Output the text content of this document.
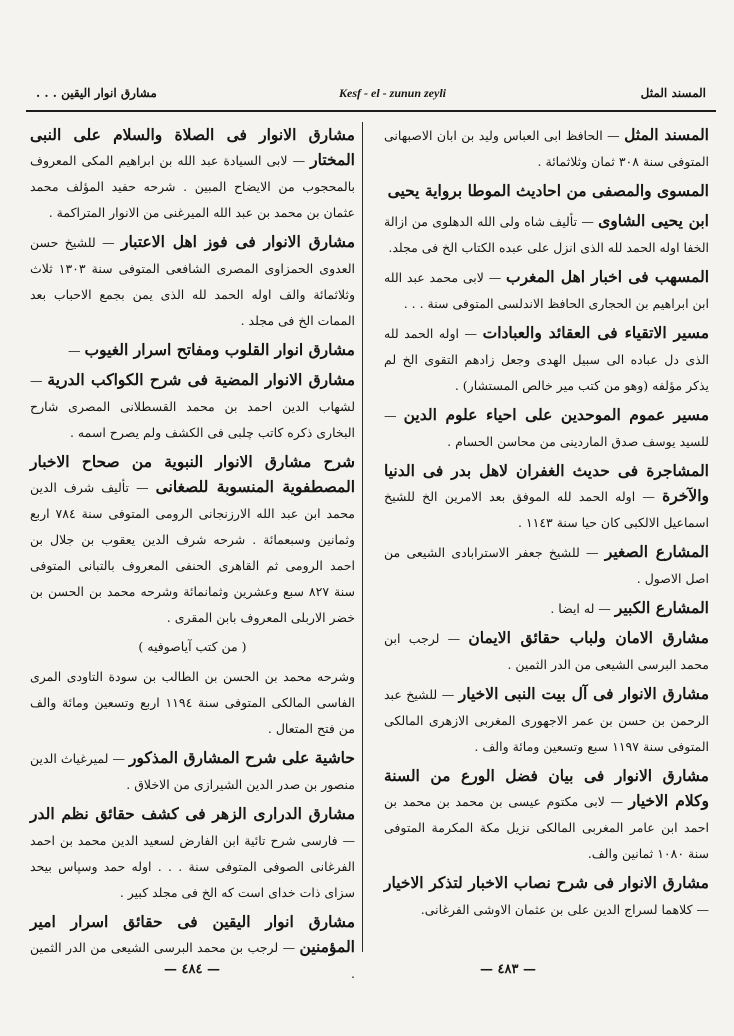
مشارق انوار اليقين . . .	Kesf - el - zunun zeyli	المسند المثل

المسند المثل — الحافظ ابی العباس وليد بن ابان الاصبهانی المتوفى سنة ٣٠٨ ثمان وثلاثمائة .

المسوى والمصفى من احاديث الموطا برواية يحيى

ابن يحيى الشاوى — تأليف شاه ولى الله الدهلوى من ازالة الخفا اوله الحمد لله الذى انزل على عبده الكتاب الخ فى مجلد.

المسهب فى اخبار اهل المغرب — لابى محمد عبد الله ابن ابراهيم بن الحجارى الحافظ الاندلسى المتوفى سنة . . .

مسير الاتقياء فى العقائد والعبادات — اوله الحمد لله الذى دل عباده الى سبيل الهدى وجعل زادهم التقوى الخ لم يذكر مؤلفه (وهو من كتب مير خالص المستشار) .

مسير عموم الموحدين على احياء علوم الدين — للسيد يوسف صدق الماردينى من محاسن الحسام .

المشاجرة فى حديث الغفران لاهل بدر فى الدنيا والآخرة — اوله الحمد لله الموفق بعد الامرين الخ للشيخ اسماعيل الالكبى كان حيا سنة ١١٤٣ .

المشارع الصغير — للشيخ جعفر الاسترابادى الشيعى من اصل الاصول .

المشارع الكبير — له ايضا .

مشارق الامان ولباب حقائق الايمان — لرجب ابن محمد البرسى الشيعى من الدر الثمين .

مشارق الانوار فى آل بيت النبى الاخيار — للشيخ عبد الرحمن بن حسن بن عمر الاجهورى المغربى الازهرى المالكى المتوفى سنة ١١٩٧ سبع وتسعين ومائة والف .

مشارق الانوار فى بيان فضل الورع من السنة وكلام الاخيار — لابى مكتوم عيسى بن محمد بن محمد بن احمد ابن عامر المغربى المالكى نزيل مكة المكرمة المتوفى سنة ١٠٨٠ ثمانين والف.

مشارق الانوار فى شرح نصاب الاخبار لتذكر الاخيار — كلاهما لسراج الدين على بن عثمان الاوشى الفرغانى.

مشارق الانوار فى الصلاة والسلام على النبى المختار — لابى السيادة عبد الله بن ابراهيم المكى المعروف بالمحجوب من الايضاح المبين . شرحه حفيد المؤلف محمد عثمان بن محمد بن عبد الله الميرغنى من الانوار المتراكمة .

مشارق الانوار فى فوز اهل الاعتبار — للشيخ حسن العدوى الحمزاوى المصرى الشافعى المتوفى سنة ١٣٠٣ ثلاث وثلاثمائة والف اوله الحمد لله الذى يمن بجمع الاحباب بعد الممات الخ فى مجلد .

مشارق انوار القلوب ومفاتح اسرار الغيوب —

مشارق الانوار المضية فى شرح الكواكب الدرية — لشهاب الدين احمد بن محمد القسطلانى المصرى شارح البخارى ذكره كاتب چلبى فى الكشف ولم يصرح اسمه .

شرح مشارق الانوار النبوية من صحاح الاخبار المصطفوية المنسوبة للصغانى — تأليف شرف الدين محمد ابن عبد الله الارزنجانى الرومى المتوفى سنة ٧٨٤ اربع وثمانين وسبعمائة . شرحه شرف الدين يعقوب بن جلال بن احمد الرومى ثم القاهرى الحنفى المعروف بالتبانى المتوفى سنة ٨٢٧ سبع وعشرين وثمانمائة وشرحه محمد بن الحسن بن خضر الاربلى المعروف بابن المقرى .

( من كتب آياصوفيه )

وشرحه محمد بن الحسن بن الطالب بن سودة التاودى المرى الفاسى المالكى المتوفى سنة ١١٩٤ اربع وتسعين ومائة والف من فتح المتعال .

حاشية على شرح المشارق المذكور — لميرغياث الدين منصور بن صدر الدين الشيرازى من الاخلاق .

مشارق الدرارى الزهر فى كشف حقائق نظم الدر — فارسى شرح تائية ابن الفارض لسعيد الدين محمد بن احمد الفرغانى الصوفى المتوفى سنة . . . اوله حمد وسپاس بيحد سزاى ذات خداى است كه الخ فى مجلد كبير .

مشارق انوار اليقين فى حقائق اسرار امير المؤمنين — لرجب بن محمد البرسى الشيعى من الدر الثمين .

— ٤٨٤ —	— ٤٨٣ —
